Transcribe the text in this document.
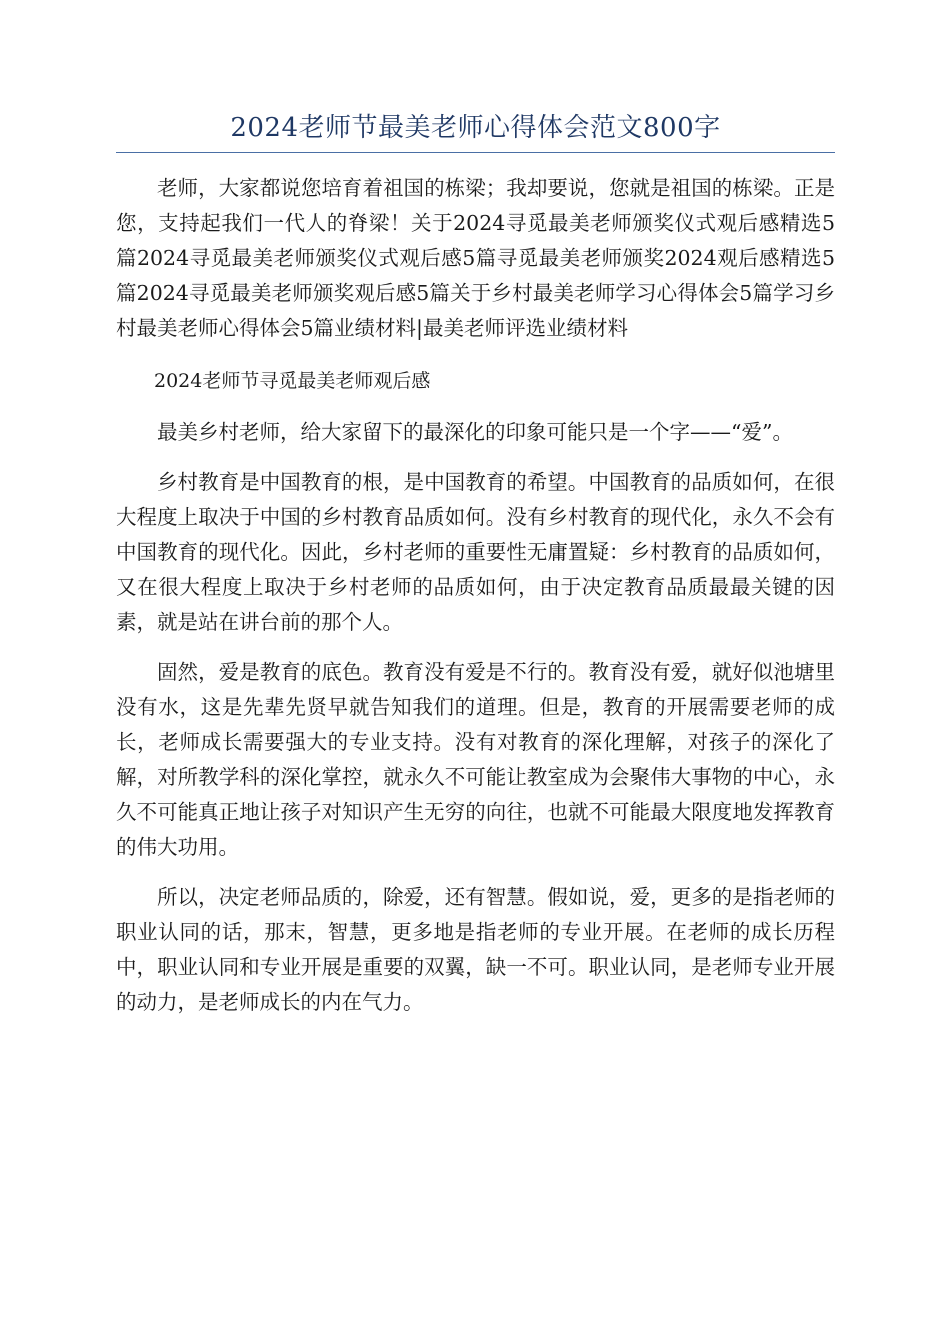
2024老师节最美老师心得体会范文800字

老师，大家都说您培育着祖国的栋梁；我却要说，您就是祖国的栋梁。正是您，支持起我们一代人的脊梁！关于2024寻觅最美老师颁奖仪式观后感精选5篇2024寻觅最美老师颁奖仪式观后感5篇寻觅最美老师颁奖2024观后感精选5篇2024寻觅最美老师颁奖观后感5篇关于乡村最美老师学习心得体会5篇学习乡村最美老师心得体会5篇业绩材料|最美老师评选业绩材料

2024老师节寻觅最美老师观后感

最美乡村老师，给大家留下的最深化的印象可能只是一个字——“爱”。

乡村教育是中国教育的根，是中国教育的希望。中国教育的品质如何，在很大程度上取决于中国的乡村教育品质如何。没有乡村教育的现代化，永久不会有中国教育的现代化。因此，乡村老师的重要性无庸置疑：乡村教育的品质如何，又在很大程度上取决于乡村老师的品质如何，由于决定教育品质最最关键的因素，就是站在讲台前的那个人。

固然，爱是教育的底色。教育没有爱是不行的。教育没有爱，就好似池塘里没有水，这是先辈先贤早就告知我们的道理。但是，教育的开展需要老师的成长，老师成长需要强大的专业支持。没有对教育的深化理解，对孩子的深化了解，对所教学科的深化掌控，就永久不可能让教室成为会聚伟大事物的中心，永久不可能真正地让孩子对知识产生无穷的向往，也就不可能最大限度地发挥教育的伟大功用。

所以，决定老师品质的，除爱，还有智慧。假如说，爱，更多的是指老师的职业认同的话，那末，智慧，更多地是指老师的专业开展。在老师的成长历程中，职业认同和专业开展是重要的双翼，缺一不可。职业认同，是老师专业开展的动力，是老师成长的内在气力。
